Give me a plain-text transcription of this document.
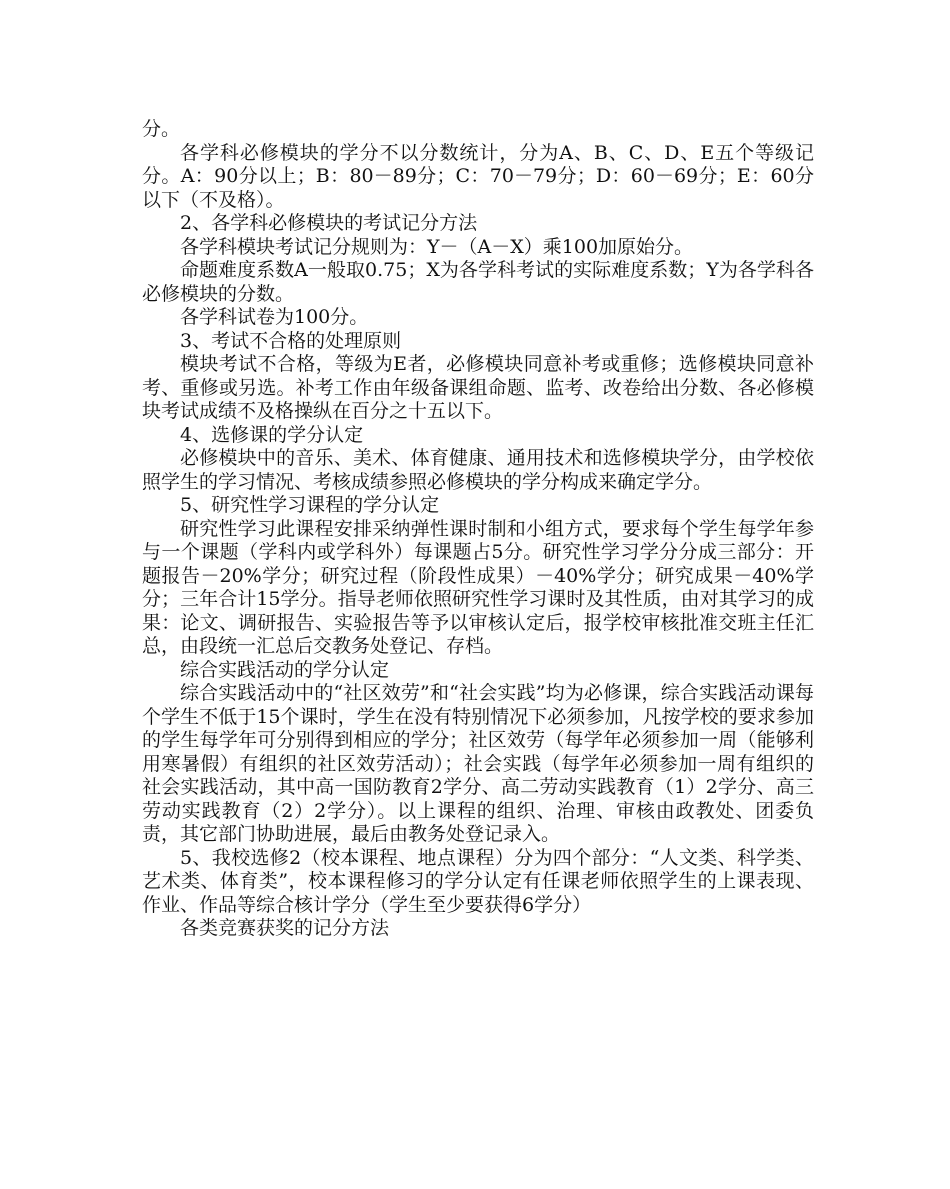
分。

各学科必修模块的学分不以分数统计，分为A、B、C、D、E五个等级记分。A：90分以上；B：80－89分；C：70－79分；D：60－69分；E：60分以下（不及格）。

2、各学科必修模块的考试记分方法

各学科模块考试记分规则为：Y－（A－X）乘100加原始分。

命题难度系数A一般取0.75；X为各学科考试的实际难度系数；Y为各学科各必修模块的分数。

各学科试卷为100分。

3、考试不合格的处理原则

模块考试不合格，等级为E者，必修模块同意补考或重修；选修模块同意补考、重修或另选。补考工作由年级备课组命题、监考、改卷给出分数、各必修模块考试成绩不及格操纵在百分之十五以下。

4、选修课的学分认定

必修模块中的音乐、美术、体育健康、通用技术和选修模块学分，由学校依照学生的学习情况、考核成绩参照必修模块的学分构成来确定学分。

5、研究性学习课程的学分认定

研究性学习此课程安排采纳弹性课时制和小组方式，要求每个学生每学年参与一个课题（学科内或学科外）每课题占5分。研究性学习学分分成三部分：开题报告－20%学分；研究过程（阶段性成果）－40%学分；研究成果－40%学分；三年合计15学分。指导老师依照研究性学习课时及其性质，由对其学习的成果：论文、调研报告、实验报告等予以审核认定后，报学校审核批准交班主任汇总，由段统一汇总后交教务处登记、存档。

综合实践活动的学分认定

综合实践活动中的“社区效劳”和“社会实践”均为必修课，综合实践活动课每个学生不低于15个课时，学生在没有特别情况下必须参加，凡按学校的要求参加的学生每学年可分别得到相应的学分；社区效劳（每学年必须参加一周（能够利用寒暑假）有组织的社区效劳活动）；社会实践（每学年必须参加一周有组织的社会实践活动，其中高一国防教育2学分、高二劳动实践教育（1）2学分、高三劳动实践教育（2）2学分）。以上课程的组织、治理、审核由政教处、团委负责，其它部门协助进展，最后由教务处登记录入。

5、我校选修2（校本课程、地点课程）分为四个部分：“人文类、科学类、艺术类、体育类”，校本课程修习的学分认定有任课老师依照学生的上课表现、作业、作品等综合核计学分（学生至少要获得6学分）

各类竞赛获奖的记分方法
